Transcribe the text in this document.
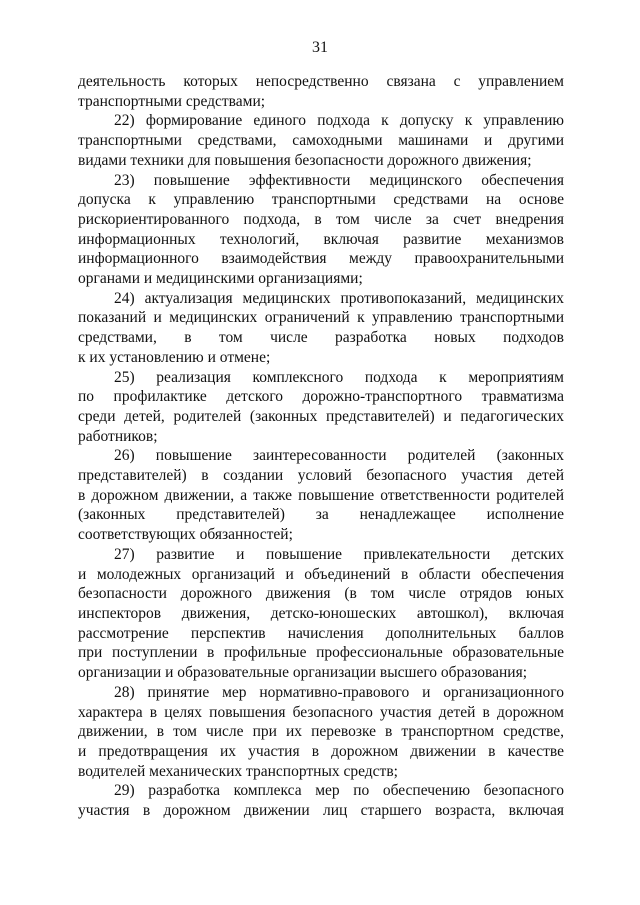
31
деятельность которых непосредственно связана с управлением
транспортными средствами;
22) формирование единого подхода к допуску к управлению
транспортными средствами, самоходными машинами и другими
видами техники для повышения безопасности дорожного движения;
23) повышение эффективности медицинского обеспечения
допуска к управлению транспортными средствами на основе
рискориентированного подхода, в том числе за счет внедрения
информационных технологий, включая развитие механизмов
информационного взаимодействия между правоохранительными
органами и медицинскими организациями;
24) актуализация медицинских противопоказаний, медицинских
показаний и медицинских ограничений к управлению транспортными
средствами, в том числе разработка новых подходов
к их установлению и отмене;
25) реализация комплексного подхода к мероприятиям
по профилактике детского дорожно-транспортного травматизма
среди детей, родителей (законных представителей) и педагогических
работников;
26) повышение заинтересованности родителей (законных
представителей) в создании условий безопасного участия детей
в дорожном движении, а также повышение ответственности родителей
(законных представителей) за ненадлежащее исполнение
соответствующих обязанностей;
27) развитие и повышение привлекательности детских
и молодежных организаций и объединений в области обеспечения
безопасности дорожного движения (в том числе отрядов юных
инспекторов движения, детско-юношеских автошкол), включая
рассмотрение перспектив начисления дополнительных баллов
при поступлении в профильные профессиональные образовательные
организации и образовательные организации высшего образования;
28) принятие мер нормативно-правового и организационного
характера в целях повышения безопасного участия детей в дорожном
движении, в том числе при их перевозке в транспортном средстве,
и предотвращения их участия в дорожном движении в качестве
водителей механических транспортных средств;
29) разработка комплекса мер по обеспечению безопасного
участия в дорожном движении лиц старшего возраста, включая
